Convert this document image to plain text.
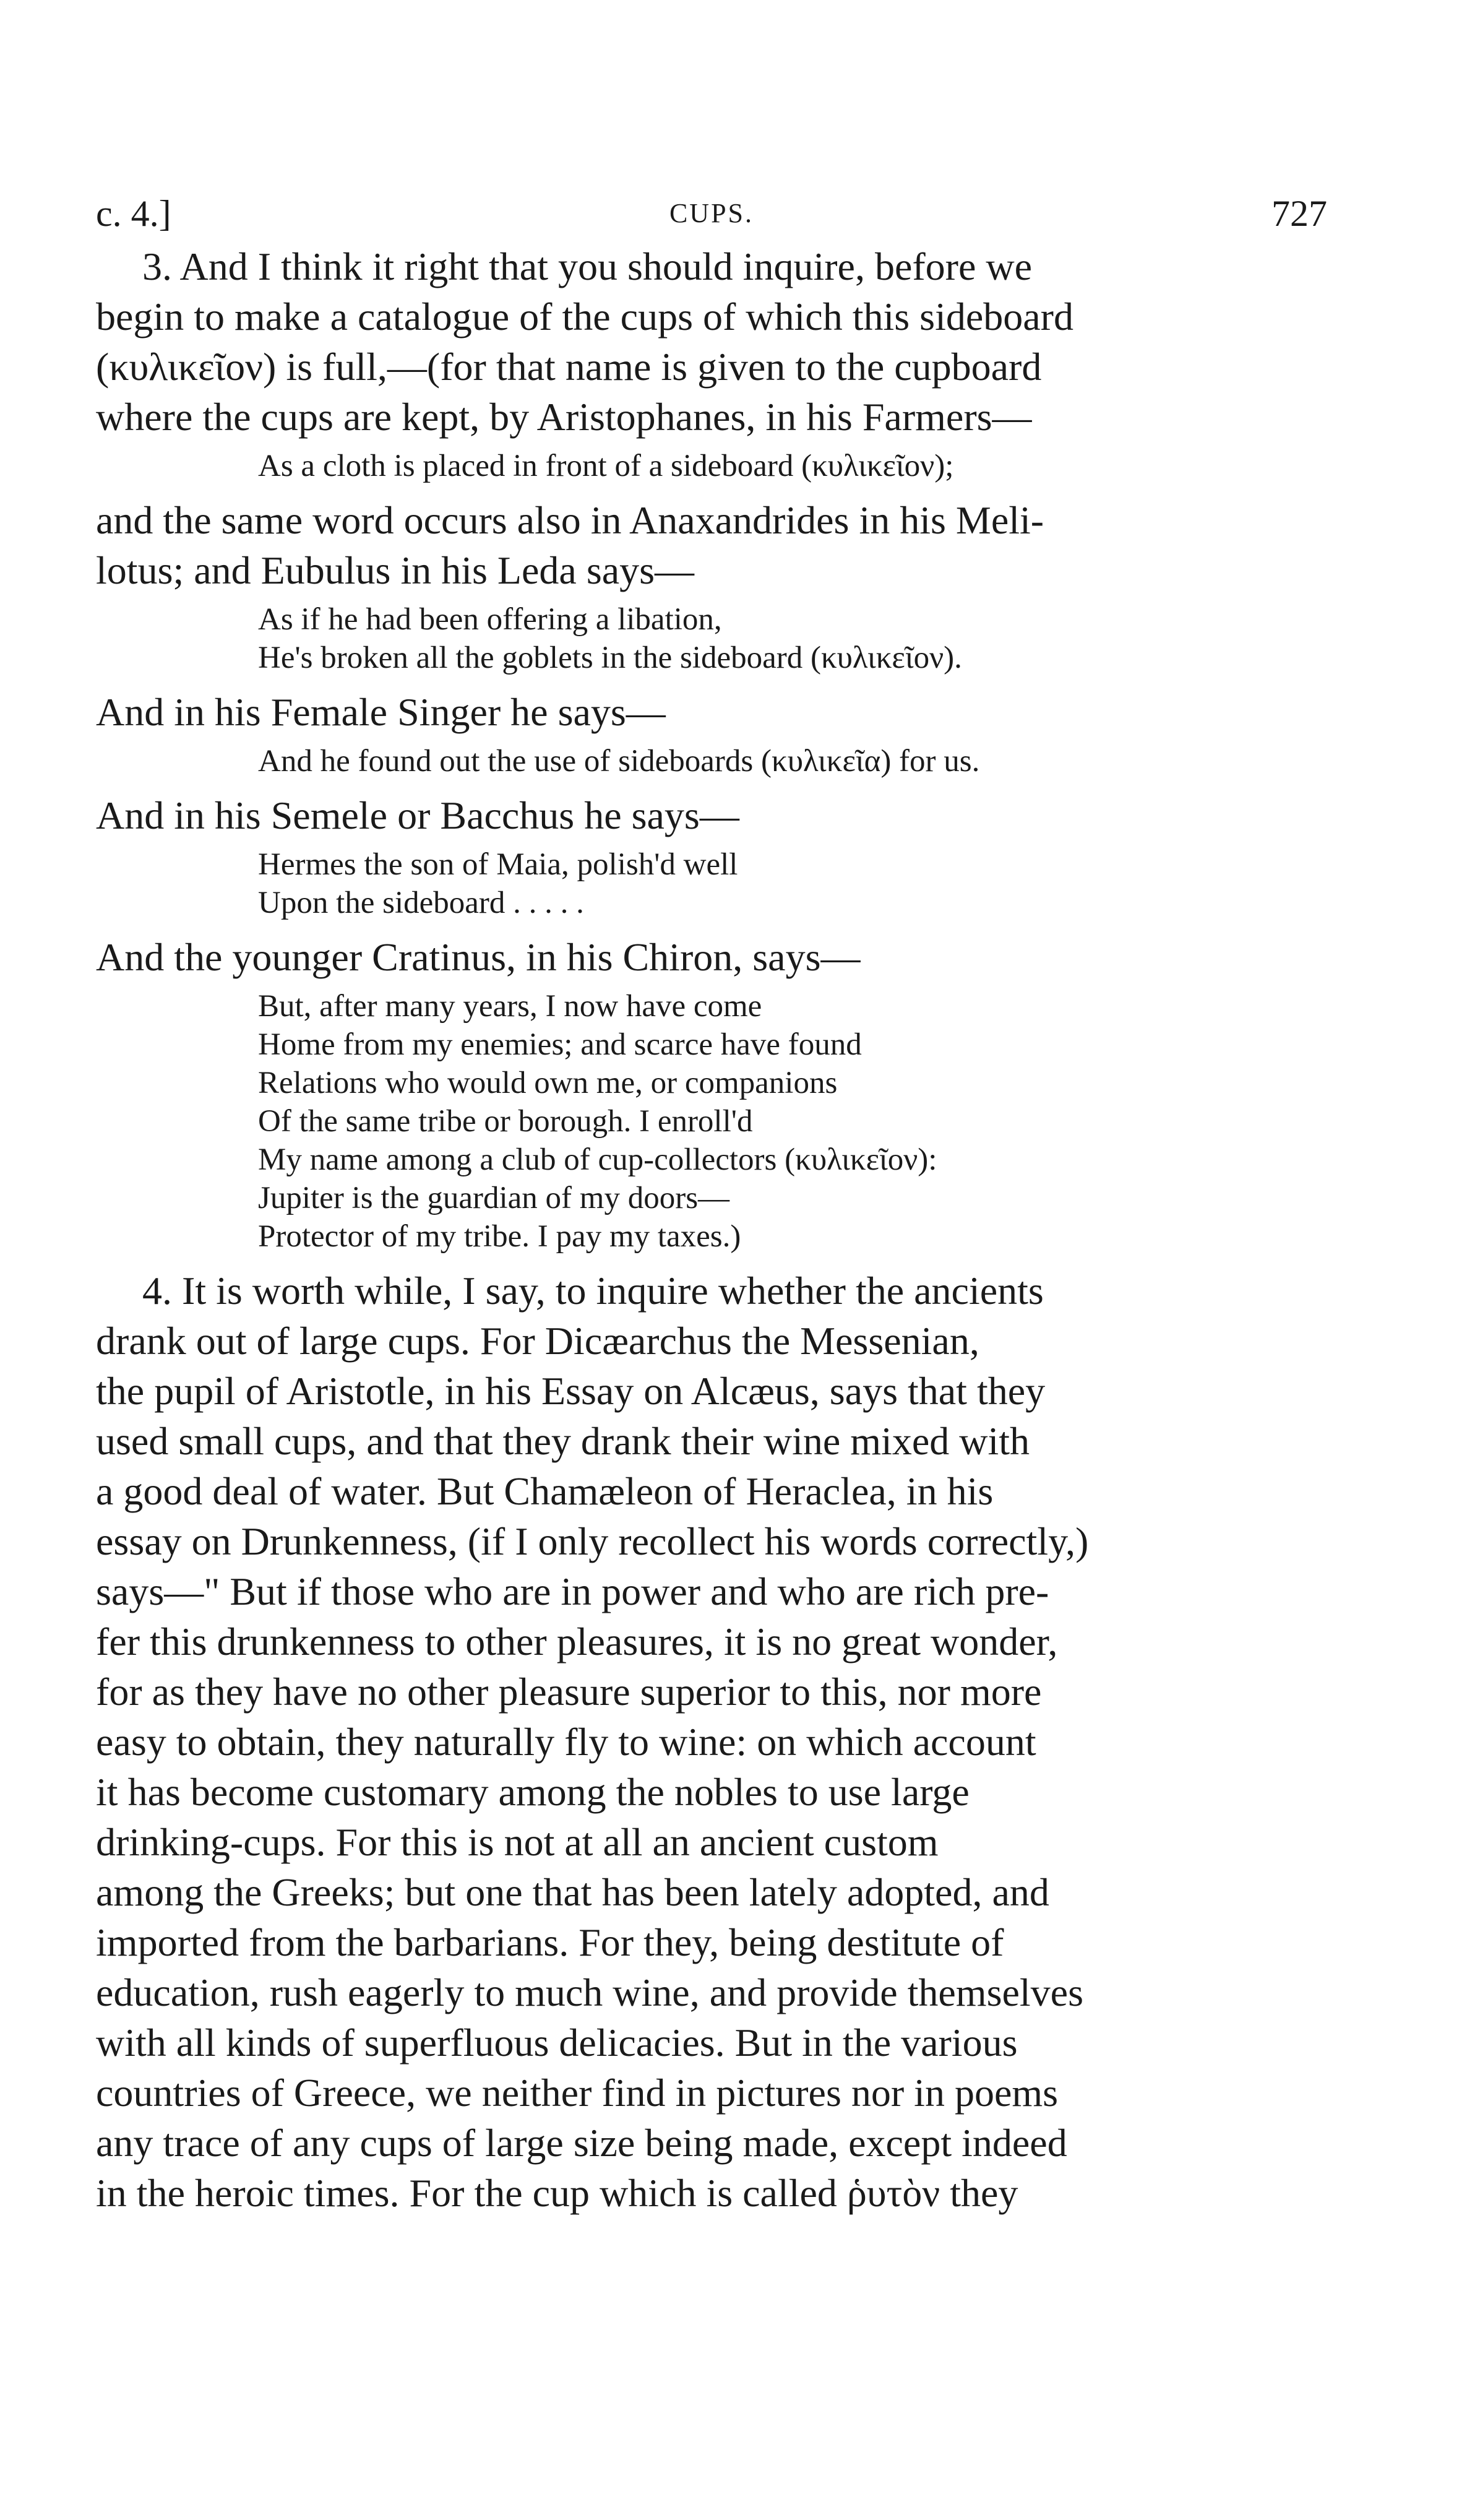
c. 4.]	CUPS.	727
3. And I think it right that you should inquire, before we
begin to make a catalogue of the cups of which this sideboard
(κυλικεῖον) is full,—(for that name is given to the cupboard
where the cups are kept, by Aristophanes, in his Farmers—
As a cloth is placed in front of a sideboard (κυλικεῖον);
and the same word occurs also in Anaxandrides in his Meli-
lotus; and Eubulus in his Leda says—
As if he had been offering a libation,
He's broken all the goblets in the sideboard (κυλικεῖον).
And in his Female Singer he says—
And he found out the use of sideboards (κυλικεῖα) for us.
And in his Semele or Bacchus he says—
Hermes the son of Maia, polish'd well
Upon the sideboard . . . . .
And the younger Cratinus, in his Chiron, says—
But, after many years, I now have come
Home from my enemies; and scarce have found
Relations who would own me, or companions
Of the same tribe or borough. I enroll'd
My name among a club of cup-collectors (κυλικεῖον):
Jupiter is the guardian of my doors—
Protector of my tribe. I pay my taxes.)
4. It is worth while, I say, to inquire whether the ancients
drank out of large cups. For Dicæarchus the Messenian,
the pupil of Aristotle, in his Essay on Alcæus, says that they
used small cups, and that they drank their wine mixed with
a good deal of water. But Chamæleon of Heraclea, in his
essay on Drunkenness, (if I only recollect his words correctly,)
says—" But if those who are in power and who are rich pre-
fer this drunkenness to other pleasures, it is no great wonder,
for as they have no other pleasure superior to this, nor more
easy to obtain, they naturally fly to wine: on which account
it has become customary among the nobles to use large
drinking-cups. For this is not at all an ancient custom
among the Greeks; but one that has been lately adopted, and
imported from the barbarians. For they, being destitute of
education, rush eagerly to much wine, and provide themselves
with all kinds of superfluous delicacies. But in the various
countries of Greece, we neither find in pictures nor in poems
any trace of any cups of large size being made, except indeed
in the heroic times. For the cup which is called ῥυτὸν they
